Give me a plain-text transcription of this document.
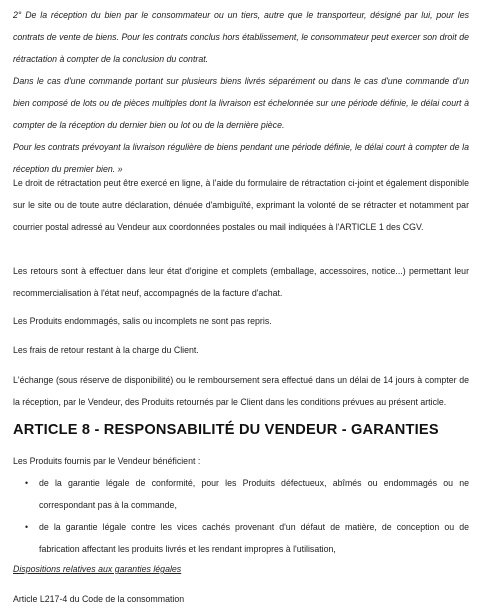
2° De la réception du bien par le consommateur ou un tiers, autre que le transporteur, désigné par lui, pour les contrats de vente de biens. Pour les contrats conclus hors établissement, le consommateur peut exercer son droit de rétractation à compter de la conclusion du contrat.

Dans le cas d'une commande portant sur plusieurs biens livrés séparément ou dans le cas d'une commande d'un bien composé de lots ou de pièces multiples dont la livraison est échelonnée sur une période définie, le délai court à compter de la réception du dernier bien ou lot ou de la dernière pièce.

Pour les contrats prévoyant la livraison régulière de biens pendant une période définie, le délai court à compter de la réception du premier bien. »

Le droit de rétractation peut être exercé en ligne, à l'aide du formulaire de rétractation ci-joint et également disponible sur le site ou de toute autre déclaration, dénuée d'ambiguïté, exprimant la volonté de se rétracter et notamment par courrier postal adressé au Vendeur aux coordonnées postales ou mail indiquées à l'ARTICLE 1 des CGV.

Les retours sont à effectuer dans leur état d'origine et complets (emballage, accessoires, notice...) permettant leur recommercialisation à l'état neuf, accompagnés de la facture d'achat.

Les Produits endommagés, salis ou incomplets ne sont pas repris.

Les frais de retour restant à la charge du Client.

L'échange (sous réserve de disponibilité) ou le remboursement sera effectué dans un délai de 14 jours à compter de la réception, par le Vendeur, des Produits retournés par le Client dans les conditions prévues au présent article.

ARTICLE 8 - RESPONSABILITÉ DU VENDEUR - GARANTIES

Les Produits fournis par le Vendeur bénéficient :

• de la garantie légale de conformité, pour les Produits défectueux, abîmés ou endommagés ou ne correspondant pas à la commande,
• de la garantie légale contre les vices cachés provenant d'un défaut de matière, de conception ou de fabrication affectant les produits livrés et les rendant impropres à l'utilisation,

Dispositions relatives aux garanties légales

Article L217-4 du Code de la consommation
